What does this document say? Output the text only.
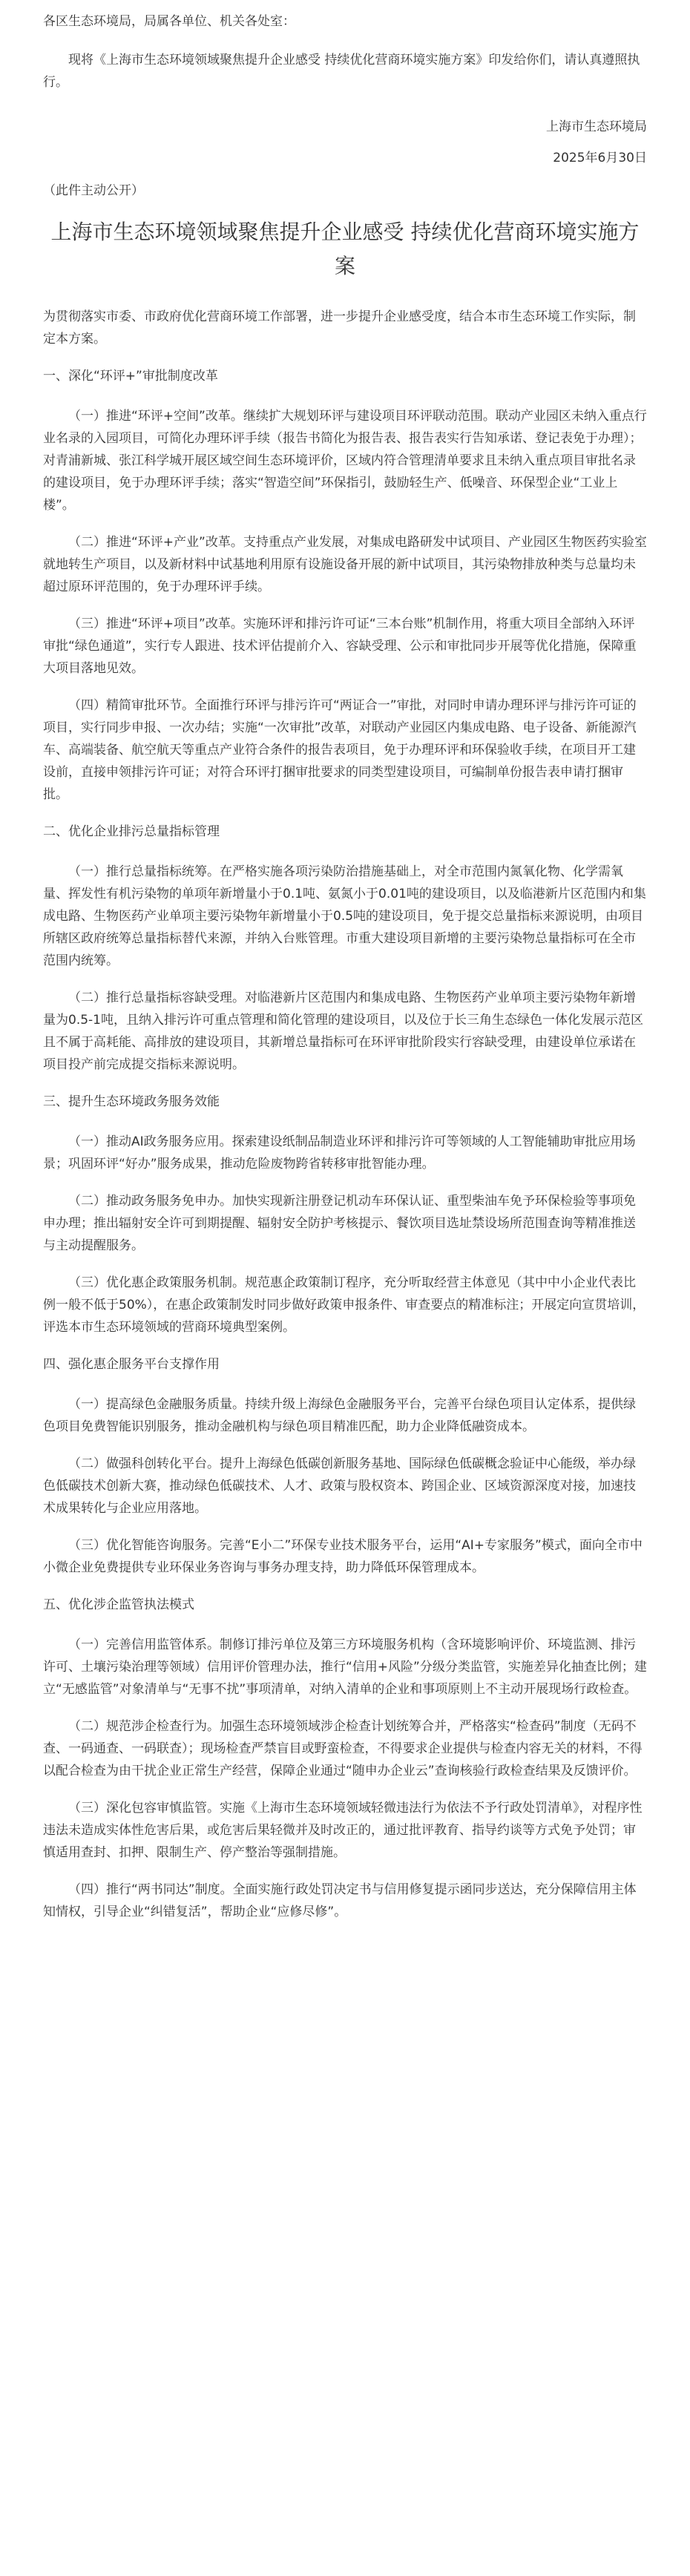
各区生态环境局，局属各单位、机关各处室：

现将《上海市生态环境领域聚焦提升企业感受 持续优化营商环境实施方案》印发给你们，请认真遵照执行。

上海市生态环境局

2025年6月30日

（此件主动公开）

上海市生态环境领域聚焦提升企业感受 持续优化营商环境实施方案

为贯彻落实市委、市政府优化营商环境工作部署，进一步提升企业感受度，结合本市生态环境工作实际，制定本方案。

一、深化“环评+”审批制度改革

（一）推进“环评+空间”改革。继续扩大规划环评与建设项目环评联动范围。联动产业园区未纳入重点行业名录的入园项目，可简化办理环评手续（报告书简化为报告表、报告表实行告知承诺、登记表免于办理）；对青浦新城、张江科学城开展区域空间生态环境评价，区域内符合管理清单要求且未纳入重点项目审批名录的建设项目，免于办理环评手续；落实“智造空间”环保指引，鼓励轻生产、低噪音、环保型企业“工业上楼”。

（二）推进“环评+产业”改革。支持重点产业发展，对集成电路研发中试项目、产业园区生物医药实验室就地转生产项目，以及新材料中试基地利用原有设施设备开展的新中试项目，其污染物排放种类与总量均未超过原环评范围的，免于办理环评手续。

（三）推进“环评+项目”改革。实施环评和排污许可证“三本台账”机制作用，将重大项目全部纳入环评审批“绿色通道”，实行专人跟进、技术评估提前介入、容缺受理、公示和审批同步开展等优化措施，保障重大项目落地见效。

（四）精简审批环节。全面推行环评与排污许可“两证合一”审批，对同时申请办理环评与排污许可证的项目，实行同步申报、一次办结；实施“一次审批”改革，对联动产业园区内集成电路、电子设备、新能源汽车、高端装备、航空航天等重点产业符合条件的报告表项目，免于办理环评和环保验收手续，在项目开工建设前，直接申领排污许可证；对符合环评打捆审批要求的同类型建设项目，可编制单份报告表申请打捆审批。

二、优化企业排污总量指标管理

（一）推行总量指标统筹。在严格实施各项污染防治措施基础上，对全市范围内氮氧化物、化学需氧量、挥发性有机污染物的单项年新增量小于0.1吨、氨氮小于0.01吨的建设项目，以及临港新片区范围内和集成电路、生物医药产业单项主要污染物年新增量小于0.5吨的建设项目，免于提交总量指标来源说明，由项目所辖区政府统筹总量指标替代来源，并纳入台账管理。市重大建设项目新增的主要污染物总量指标可在全市范围内统筹。

（二）推行总量指标容缺受理。对临港新片区范围内和集成电路、生物医药产业单项主要污染物年新增量为0.5-1吨，且纳入排污许可重点管理和简化管理的建设项目，以及位于长三角生态绿色一体化发展示范区且不属于高耗能、高排放的建设项目，其新增总量指标可在环评审批阶段实行容缺受理，由建设单位承诺在项目投产前完成提交指标来源说明。

三、提升生态环境政务服务效能

（一）推动AI政务服务应用。探索建设纸制品制造业环评和排污许可等领域的人工智能辅助审批应用场景；巩固环评“好办”服务成果，推动危险废物跨省转移审批智能办理。

（二）推动政务服务免申办。加快实现新注册登记机动车环保认证、重型柴油车免予环保检验等事项免申办理；推出辐射安全许可到期提醒、辐射安全防护考核提示、餐饮项目选址禁设场所范围查询等精准推送与主动提醒服务。

（三）优化惠企政策服务机制。规范惠企政策制订程序，充分听取经营主体意见（其中中小企业代表比例一般不低于50%），在惠企政策制发时同步做好政策申报条件、审查要点的精准标注；开展定向宣贯培训，评选本市生态环境领域的营商环境典型案例。

四、强化惠企服务平台支撑作用

（一）提高绿色金融服务质量。持续升级上海绿色金融服务平台，完善平台绿色项目认定体系，提供绿色项目免费智能识别服务，推动金融机构与绿色项目精准匹配，助力企业降低融资成本。

（二）做强科创转化平台。提升上海绿色低碳创新服务基地、国际绿色低碳概念验证中心能级，举办绿色低碳技术创新大赛，推动绿色低碳技术、人才、政策与股权资本、跨国企业、区域资源深度对接，加速技术成果转化与企业应用落地。

（三）优化智能咨询服务。完善“E小二”环保专业技术服务平台，运用“AI+专家服务”模式，面向全市中小微企业免费提供专业环保业务咨询与事务办理支持，助力降低环保管理成本。

五、优化涉企监管执法模式

（一）完善信用监管体系。制修订排污单位及第三方环境服务机构（含环境影响评价、环境监测、排污许可、土壤污染治理等领域）信用评价管理办法，推行“信用+风险”分级分类监管，实施差异化抽查比例；建立“无感监管”对象清单与“无事不扰”事项清单，对纳入清单的企业和事项原则上不主动开展现场行政检查。

（二）规范涉企检查行为。加强生态环境领域涉企检查计划统筹合并，严格落实“检查码”制度（无码不查、一码通查、一码联查）；现场检查严禁盲目或野蛮检查，不得要求企业提供与检查内容无关的材料，不得以配合检查为由干扰企业正常生产经营，保障企业通过“随申办企业云”查询核验行政检查结果及反馈评价。

（三）深化包容审慎监管。实施《上海市生态环境领域轻微违法行为依法不予行政处罚清单》，对程序性违法未造成实体性危害后果，或危害后果轻微并及时改正的，通过批评教育、指导约谈等方式免予处罚；审慎适用查封、扣押、限制生产、停产整治等强制措施。

（四）推行“两书同达”制度。全面实施行政处罚决定书与信用修复提示函同步送达，充分保障信用主体知情权，引导企业“纠错复活”，帮助企业“应修尽修”。
